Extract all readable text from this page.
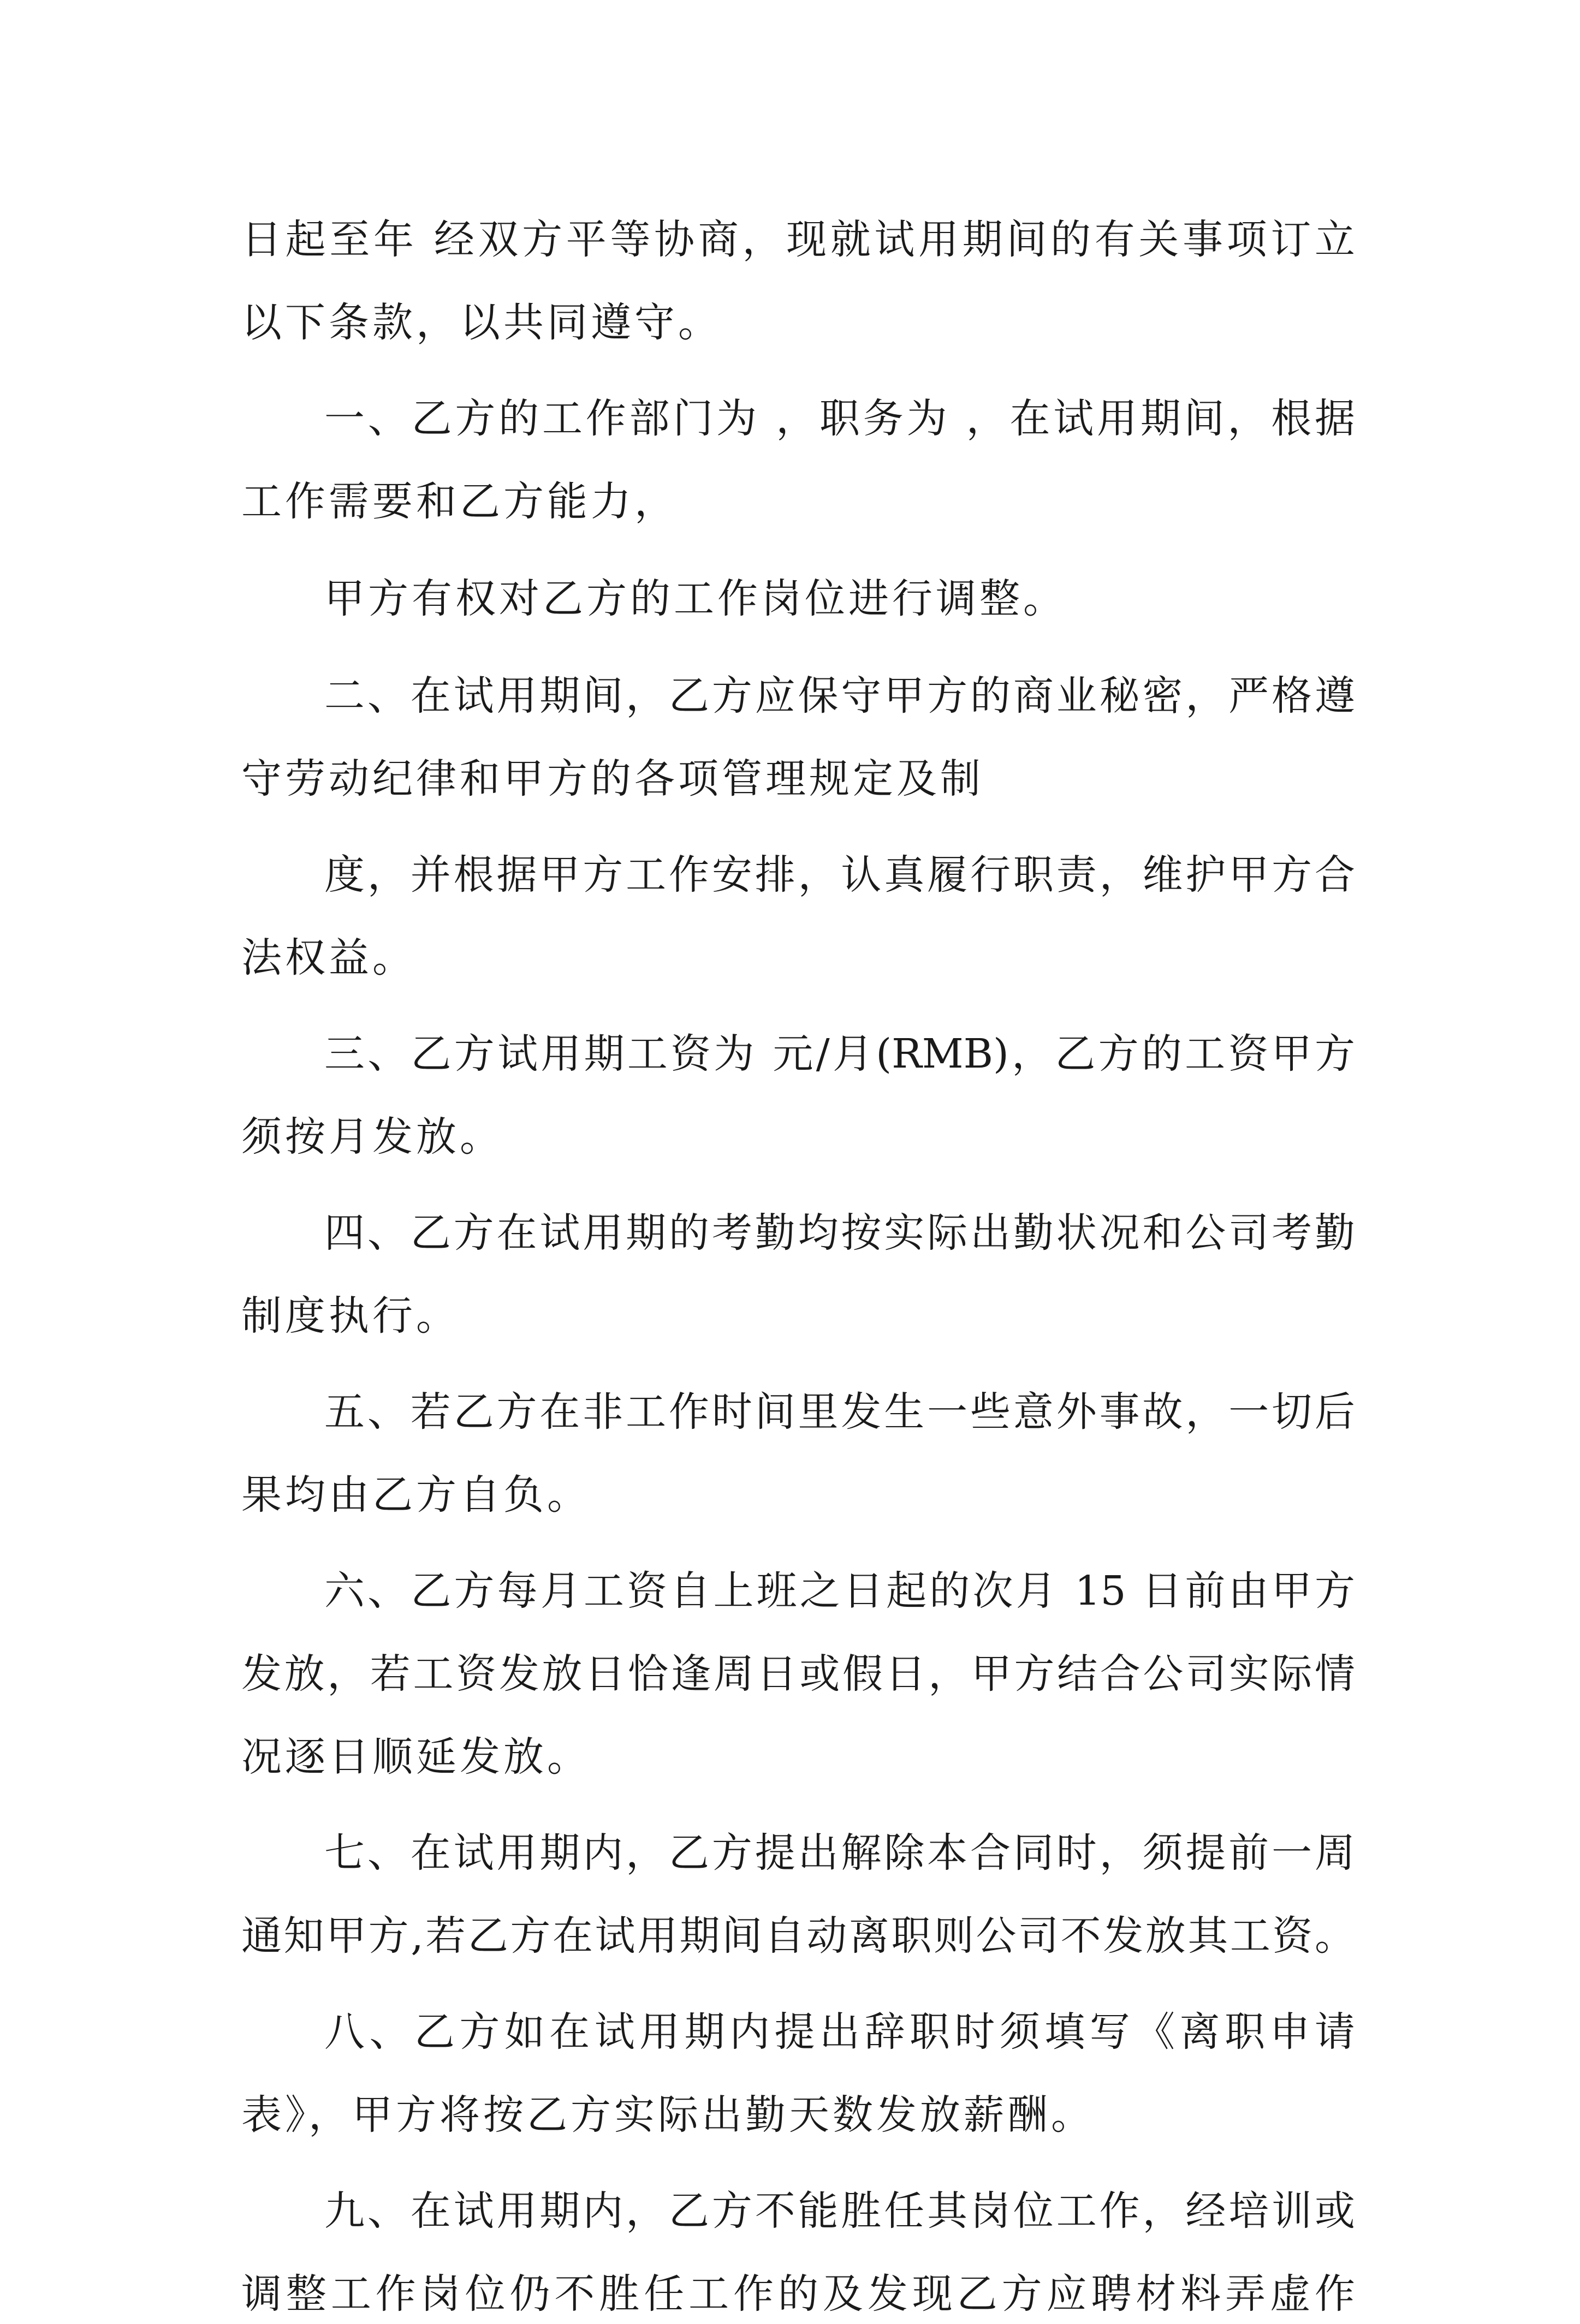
日起至年 经双方平等协商，现就试用期间的有关事项订立
以下条款，以共同遵守。
一、乙方的工作部门为 ，职务为 ，在试用期间，根据
工作需要和乙方能力，
甲方有权对乙方的工作岗位进行调整。
二、在试用期间，乙方应保守甲方的商业秘密，严格遵
守劳动纪律和甲方的各项管理规定及制
度，并根据甲方工作安排，认真履行职责，维护甲方合
法权益。
三、乙方试用期工资为 元/月(RMB)，乙方的工资甲方
须按月发放。
四、乙方在试用期的考勤均按实际出勤状况和公司考勤
制度执行。
五、若乙方在非工作时间里发生一些意外事故，一切后
果均由乙方自负。
六、乙方每月工资自上班之日起的次月 15 日前由甲方
发放，若工资发放日恰逢周日或假日，甲方结合公司实际情
况逐日顺延发放。
七、在试用期内，乙方提出解除本合同时，须提前一周
通知甲方,若乙方在试用期间自动离职则公司不发放其工资。
八、乙方如在试用期内提出辞职时须填写《离职申请
表》，甲方将按乙方实际出勤天数发放薪酬。
九、在试用期内，乙方不能胜任其岗位工作，经培训或
调整工作岗位仍不胜任工作的及发现乙方应聘材料弄虚作
